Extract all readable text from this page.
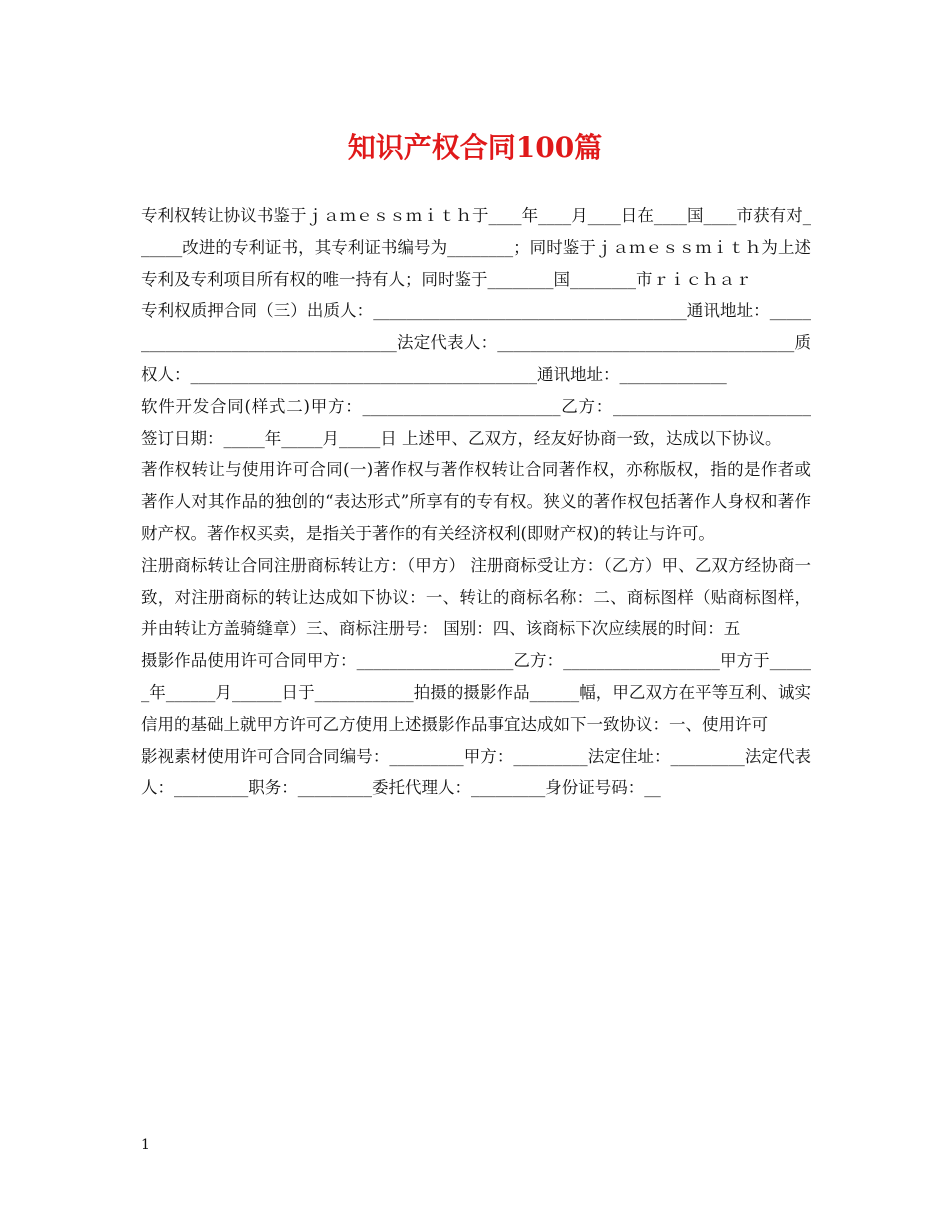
知识产权合同100篇

专利权转让协议书鉴于ｊａｍｅｓｓｍｉｔｈ于____年____月____日在____国____市获有对______改进的专利证书，其专利证书编号为________；同时鉴于ｊａｍｅｓｓｍｉｔｈ为上述专利及专利项目所有权的唯一持有人；同时鉴于________国________市ｒｉｃｈａｒ

专利权质押合同（三）出质人：______________________________________通讯地址：____________________________________法定代表人：____________________________________质权人：__________________________________________通讯地址：_____________

软件开发合同(样式二)甲方：________________________乙方：________________________签订日期：_____年_____月_____日 上述甲、乙双方，经友好协商一致，达成以下协议。

著作权转让与使用许可合同(一)著作权与著作权转让合同著作权，亦称版权，指的是作者或著作人对其作品的独创的“表达形式”所享有的专有权。狭义的著作权包括著作人身权和著作财产权。著作权买卖，是指关于著作的有关经济权利(即财产权)的转让与许可。

注册商标转让合同注册商标转让方：（甲方） 注册商标受让方：（乙方）甲、乙双方经协商一致，对注册商标的转让达成如下协议：一、转让的商标名称：二、商标图样（贴商标图样，并由转让方盖骑缝章）三、商标注册号： 国别：四、该商标下次应续展的时间：五

摄影作品使用许可合同甲方：___________________乙方：___________________甲方于______年______月______日于____________拍摄的摄影作品______幅，甲乙双方在平等互利、诚实信用的基础上就甲方许可乙方使用上述摄影作品事宜达成如下一致协议：一、使用许可

影视素材使用许可合同合同编号：_________甲方：_________法定住址：_________法定代表人：_________职务：_________委托代理人：_________身份证号码：__

1
